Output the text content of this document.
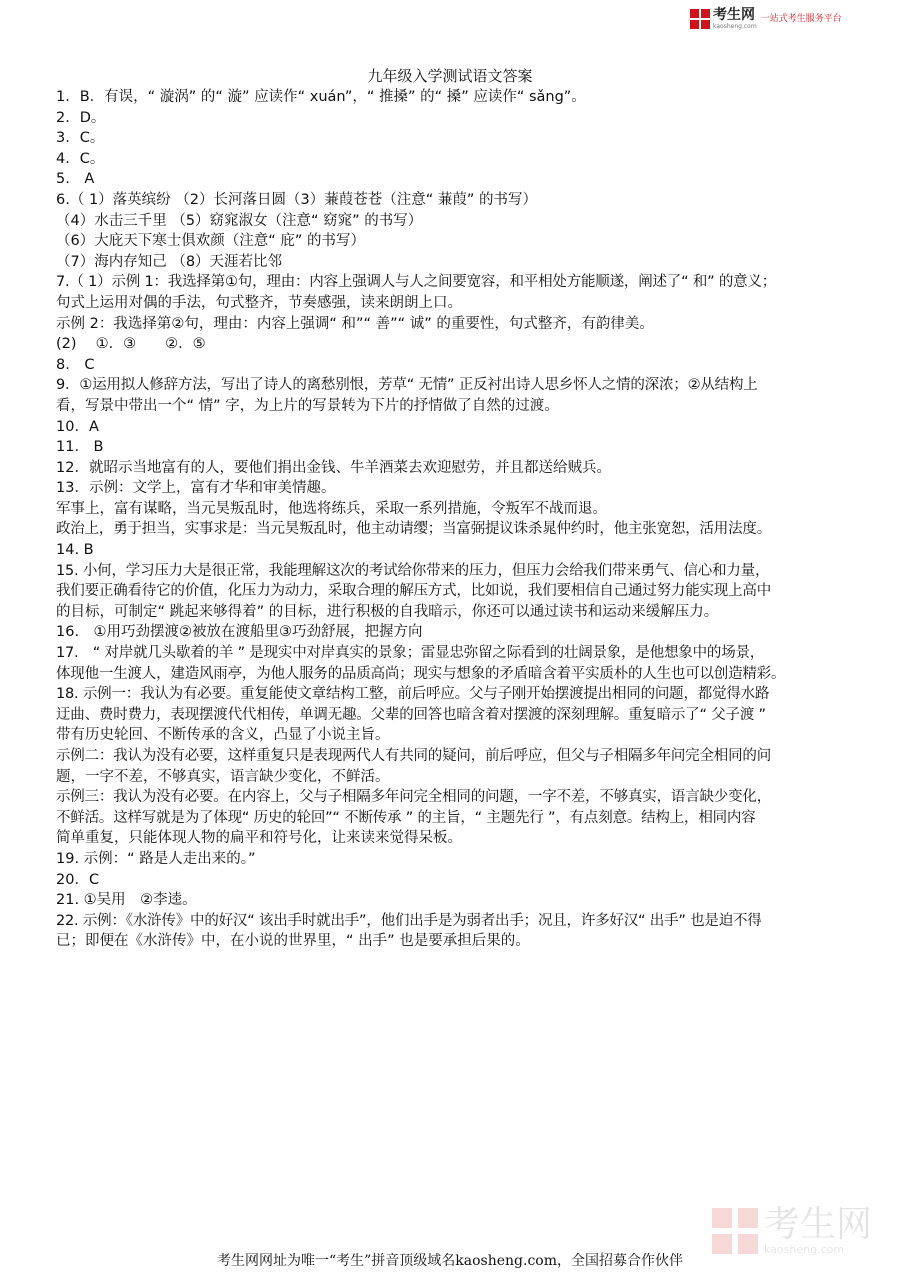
考生网
kaosheng.com
一站式考生服务平台
九年级入学测试语文答案
1．B．有误，“ 漩涡” 的“ 漩” 应读作“ xuán”，“ 推搡” 的“ 搡” 应读作“ sǎng”。
2．D。
3．C。
4．C。
5.　A
6.（ 1）落英缤纷 （2）长河落日圆（3）蒹葭苍苍（注意“ 蒹葭” 的书写）
（4）水击三千里 （5）窈窕淑女（注意“ 窈窕” 的书写）
（6）大庇天下寒士俱欢颜（注意“ 庇” 的书写）
（7）海内存知己 （8）天涯若比邻
7.（ 1）示例 1：我选择第①句，理由：内容上强调人与人之间要宽容，和平相处方能顺遂，阐述了“ 和” 的意义；
句式上运用对偶的手法，句式整齐，节奏感强，读来朗朗上口。
示例 2：我选择第②句，理由：内容上强调“ 和”“ 善”“ 诚” 的重要性，句式整齐，有韵律美。
(2)　 ①．③　　②．⑤
8.　C
9．①运用拟人修辞方法，写出了诗人的离愁别恨，芳草“ 无情” 正反衬出诗人思乡怀人之情的深浓；②从结构上
看，写景中带出一个“ 情” 字，为上片的写景转为下片的抒情做了自然的过渡。
10．A
11． B
12．就昭示当地富有的人，要他们捐出金钱、牛羊酒菜去欢迎慰劳，并且都送给贼兵。
13．示例：文学上，富有才华和审美情趣。
军事上，富有谋略，当元昊叛乱时，他选将练兵，采取一系列措施，令叛军不战而退。
政治上，勇于担当，实事求是：当元昊叛乱时，他主动请缨；当富弼提议诛杀晁仲约时，他主张宽恕，活用法度。
14. B
15. 小何，学习压力大是很正常，我能理解这次的考试给你带来的压力，但压力会给我们带来勇气、信心和力量，
我们要正确看待它的价值，化压力为动力，采取合理的解压方式，比如说，我们要相信自己通过努力能实现上高中
的目标，可制定“ 跳起来够得着” 的目标，进行积极的自我暗示，你还可以通过读书和运动来缓解压力。
16.　①用巧劲摆渡②被放在渡船里③巧劲舒展，把握方向
17.　“ 对岸就几头歇着的羊 ” 是现实中对岸真实的景象；雷显忠弥留之际看到的壮阔景象，是他想象中的场景，
体现他一生渡人，建造风雨亭，为他人服务的品质高尚；现实与想象的矛盾暗含着平实质朴的人生也可以创造精彩。
18. 示例一：我认为有必要。重复能使文章结构工整，前后呼应。父与子刚开始摆渡提出相同的问题，都觉得水路
迂曲、费时费力，表现摆渡代代相传，单调无趣。父辈的回答也暗含着对摆渡的深刻理解。重复暗示了“ 父子渡 ”
带有历史轮回、不断传承的含义，凸显了小说主旨。
示例二：我认为没有必要，这样重复只是表现两代人有共同的疑问，前后呼应，但父与子相隔多年问完全相同的问
题，一字不差，不够真实，语言缺少变化，不鲜活。
示例三：我认为没有必要。在内容上，父与子相隔多年问完全相同的问题，一字不差，不够真实，语言缺少变化，
不鲜活。这样写就是为了体现“ 历史的轮回”“ 不断传承 ” 的主旨，“ 主题先行 ”，有点刻意。结构上，相同内容
简单重复，只能体现人物的扁平和符号化，让来读来觉得呆板。
19. 示例：“ 路是人走出来的。”
20．C
21. ①吴用　②李逵。
22. 示例：《水浒传》中的好汉“ 该出手时就出手”，他们出手是为弱者出手；况且，许多好汉“ 出手” 也是迫不得
已；即便在《水浒传》中，在小说的世界里，“ 出手” 也是要承担后果的。
考生网
kaosheng.com
考生网网址为唯一“考生”拼音顶级域名kaosheng.com，全国招募合作伙伴
